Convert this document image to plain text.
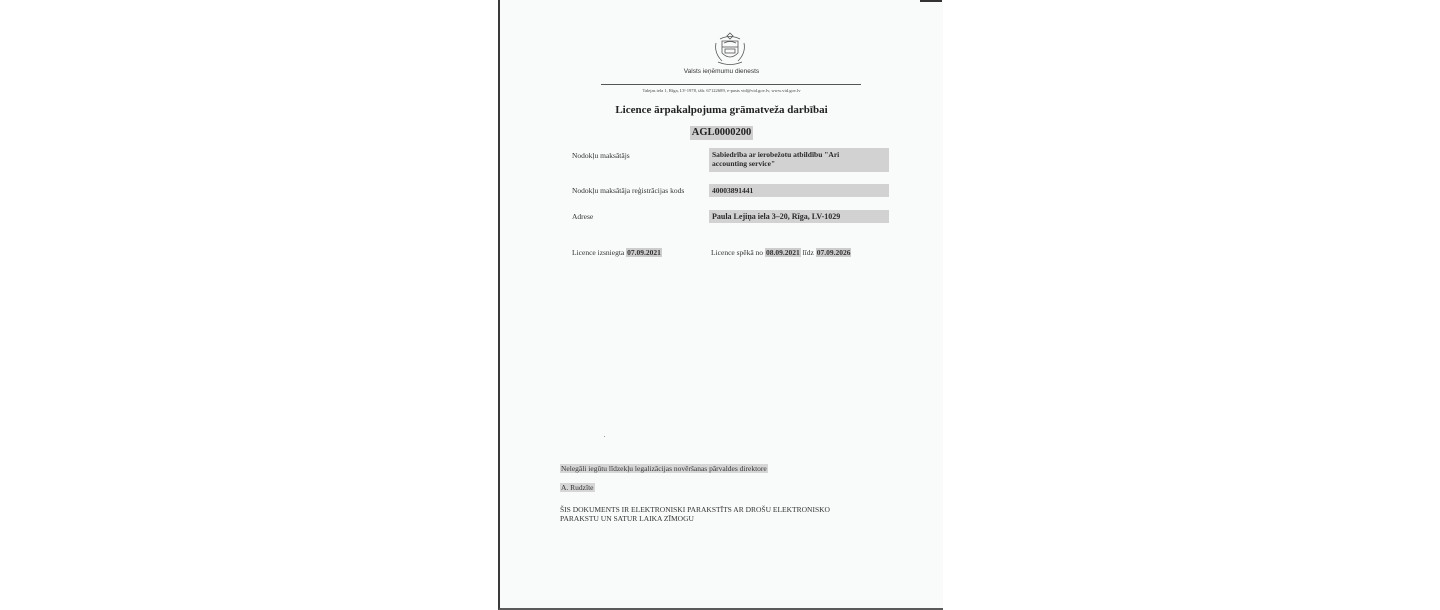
Valsts ieņēmumu dienests
Talejas iela 1, Rīga, LV-1978, tālr. 67122689, e-pasts vid@vid.gov.lv, www.vid.gov.lv
Licence ārpakalpojuma grāmatveža darbībai
AGL0000200
Nodokļu maksātājs	Sabiedrība ar ierobežotu atbildību "Ari
accounting service"
Nodokļu maksātāja reģistrācijas kods	40003891441
Adrese	Paula Lejiņa iela 3–20, Rīga, LV-1029
Licence izsniegta 07.09.2021	Licence spēkā no 08.09.2021 līdz 07.09.2026
Nelegāli iegūtu līdzekļu legalizācijas novēršanas pārvaldes direktore
A. Rudzīte
ŠIS DOKUMENTS IR ELEKTRONISKI PARAKSTĪTS AR DROŠU ELEKTRONISKO
PARAKSTU UN SATUR LAIKA ZĪMOGU
